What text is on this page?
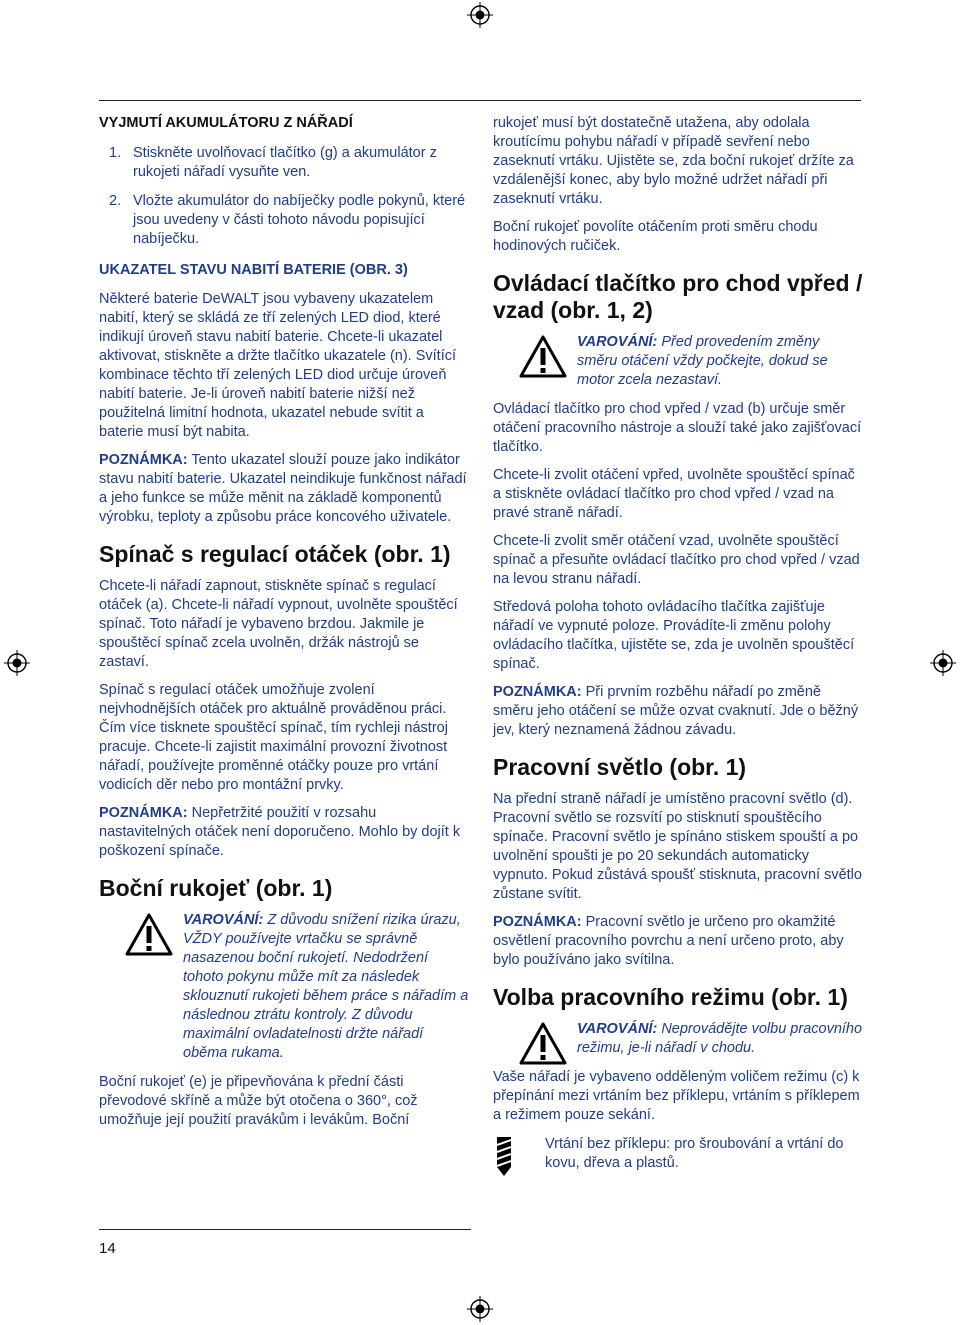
VYJMUTÍ AKUMULÁTORU Z NÁŘADÍ
1. Stiskněte uvolňovací tlačítko (g) a akumulátor z rukojeti nářadí vysuňte ven.
2. Vložte akumulátor do nabíječky podle pokynů, které jsou uvedeny v části tohoto návodu popisující nabíječku.
UKAZATEL STAVU NABITÍ BATERIE (OBR. 3)

Některé baterie DeWALT jsou vybaveny ukazatelem nabití, který se skládá ze tří zelených LED diod, které indikují úroveň stavu nabití baterie. Chcete-li ukazatel aktivovat, stiskněte a držte tlačítko ukazatele (n). Svítící kombinace těchto tří zelených LED diod určuje úroveň nabití baterie. Je-li úroveň nabití baterie nižší než použitelná limitní hodnota, ukazatel nebude svítit a baterie musí být nabita.

POZNÁMKA: Tento ukazatel slouží pouze jako indikátor stavu nabití baterie. Ukazatel neindikuje funkčnost nářadí a jeho funkce se může měnit na základě komponentů výrobku, teploty a způsobu práce koncového uživatele.

Spínač s regulací otáček (obr. 1)

Chcete-li nářadí zapnout, stiskněte spínač s regulací otáček (a). Chcete-li nářadí vypnout, uvolněte spouštěcí spínač. Toto nářadí je vybaveno brzdou. Jakmile je spouštěcí spínač zcela uvolněn, držák nástrojů se zastaví.

Spínač s regulací otáček umožňuje zvolení nejvhodnějších otáček pro aktuálně prováděnou práci. Čím více tisknete spouštěcí spínač, tím rychleji nástroj pracuje. Chcete-li zajistit maximální provozní životnost nářadí, používejte proměnné otáčky pouze pro vrtání vodicích děr nebo pro montážní prvky.

POZNÁMKA: Nepřetržité použití v rozsahu nastavitelných otáček není doporučeno. Mohlo by dojít k poškození spínače.

Boční rukojeť (obr. 1)
VAROVÁNÍ: Z důvodu snížení rizika úrazu, VŽDY používejte vrtačku se správně nasazenou boční rukojetí. Nedodržení tohoto pokynu může mít za následek sklouznutí rukojeti během práce s nářadím a následnou ztrátu kontroly. Z důvodu maximální ovladatelnosti držte nářadí oběma rukama.

Boční rukojeť (e) je připevňována k přední části převodové skříně a může být otočena o 360°, což umožňuje její použití pravákům i levákům. Boční

rukojeť musí být dostatečně utažena, aby odolala kroutícímu pohybu nářadí v případě sevření nebo zaseknutí vrtáku. Ujistěte se, zda boční rukojeť držíte za vzdálenější konec, aby bylo možné udržet nářadí při zaseknutí vrtáku.

Boční rukojeť povolíte otáčením proti směru chodu hodinových ručiček.

Ovládací tlačítko pro chod vpřed / vzad (obr. 1, 2)
VAROVÁNÍ: Před provedením změny směru otáčení vždy počkejte, dokud se motor zcela nezastaví.

Ovládací tlačítko pro chod vpřed / vzad (b) určuje směr otáčení pracovního nástroje a slouží také jako zajišťovací tlačítko.

Chcete-li zvolit otáčení vpřed, uvolněte spouštěcí spínač a stiskněte ovládací tlačítko pro chod vpřed / vzad na pravé straně nářadí.

Chcete-li zvolit směr otáčení vzad, uvolněte spouštěcí spínač a přesuňte ovládací tlačítko pro chod vpřed / vzad na levou stranu nářadí.

Středová poloha tohoto ovládacího tlačítka zajišťuje nářadí ve vypnuté poloze. Provádíte-li změnu polohy ovládacího tlačítka, ujistěte se, zda je uvolněn spouštěcí spínač.

POZNÁMKA: Při prvním rozběhu nářadí po změně směru jeho otáčení se může ozvat cvaknutí. Jde o běžný jev, který neznamená žádnou závadu.

Pracovní světlo (obr. 1)

Na přední straně nářadí je umístěno pracovní světlo (d). Pracovní světlo se rozsvítí po stisknutí spouštěcího spínače. Pracovní světlo je spínáno stiskem spouští a po uvolnění spoušti je po 20 sekundách automaticky vypnuto. Pokud zůstává spoušť stisknuta, pracovní světlo zůstane svítit.

POZNÁMKA: Pracovní světlo je určeno pro okamžité osvětlení pracovního povrchu a není určeno proto, aby bylo používáno jako svítilna.

Volba pracovního režimu (obr. 1)
VAROVÁNÍ: Neprovádějte volbu pracovního režimu, je-li nářadí v chodu.

Vaše nářadí je vybaveno odděleným voličem režimu (c) k přepínání mezi vrtáním bez příklepu, vrtáním s příklepem a režimem pouze sekání.

Vrtání bez příklepu: pro šroubování a vrtání do kovu, dřeva a plastů.
14
